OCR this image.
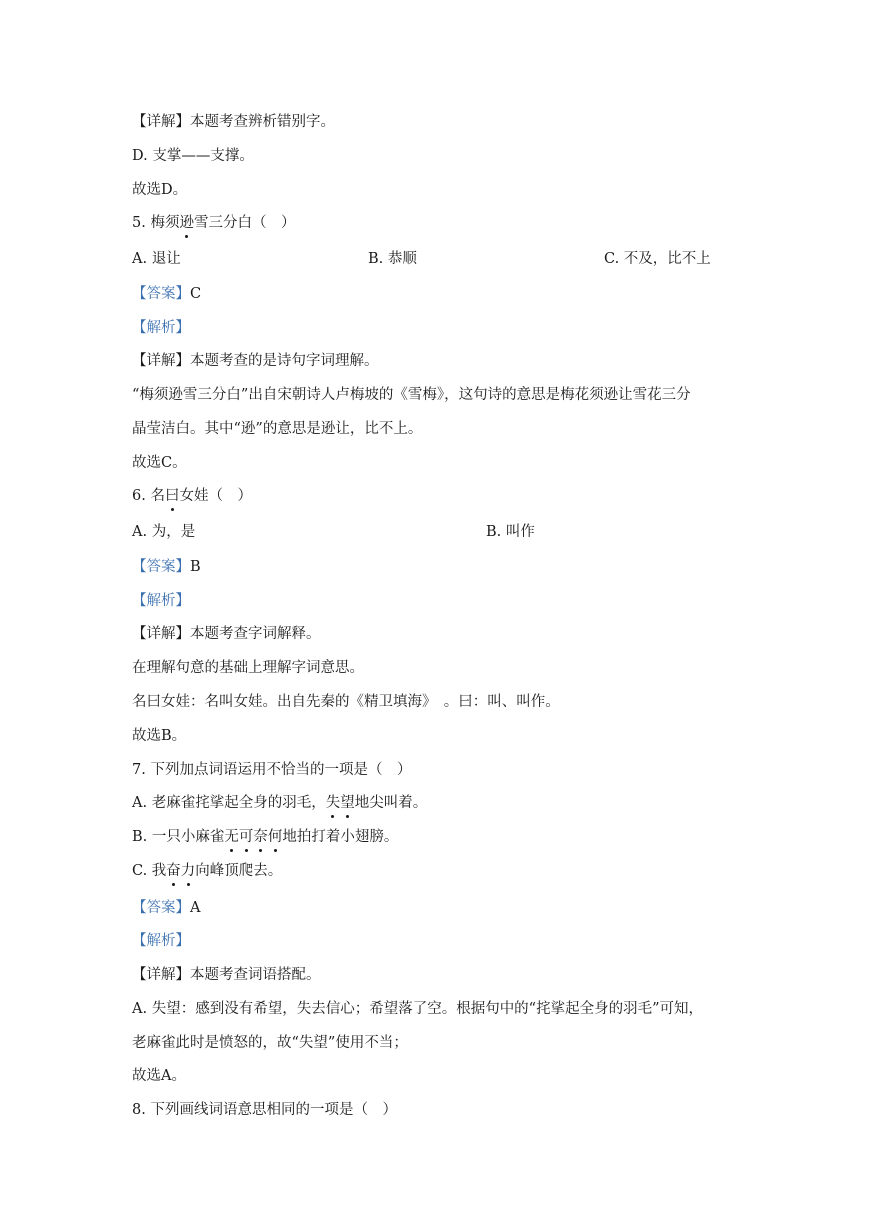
【详解】本题考查辨析错别字。
D. 支掌——支撑。
故选D。
5. 梅须逊雪三分白（　）
A. 退让	B. 恭顺	C. 不及，比不上
【答案】C
【解析】
【详解】本题考查的是诗句字词理解。
“梅须逊雪三分白”出自宋朝诗人卢梅坡的《雪梅》，这句诗的意思是梅花须逊让雪花三分
晶莹洁白。其中“逊”的意思是逊让，比不上。
故选C。
6. 名曰女娃（　）
A. 为，是	B. 叫作
【答案】B
【解析】
【详解】本题考查字词解释。
在理解句意的基础上理解字词意思。
名曰女娃：名叫女娃。出自先秦的《精卫填海》　。曰：叫、叫作。
故选B。
7. 下列加点词语运用不恰当的一项是（　）
A. 老麻雀挓挲起全身的羽毛，失望地尖叫着。
B. 一只小麻雀无可奈何地拍打着小翅膀。
C. 我奋力向峰顶爬去。
【答案】A
【解析】
【详解】本题考查词语搭配。
A. 失望：感到没有希望，失去信心；希望落了空。根据句中的“挓挲起全身的羽毛”可知，
老麻雀此时是愤怒的，故“失望”使用不当；
故选A。
8. 下列画线词语意思相同的一项是（　）
